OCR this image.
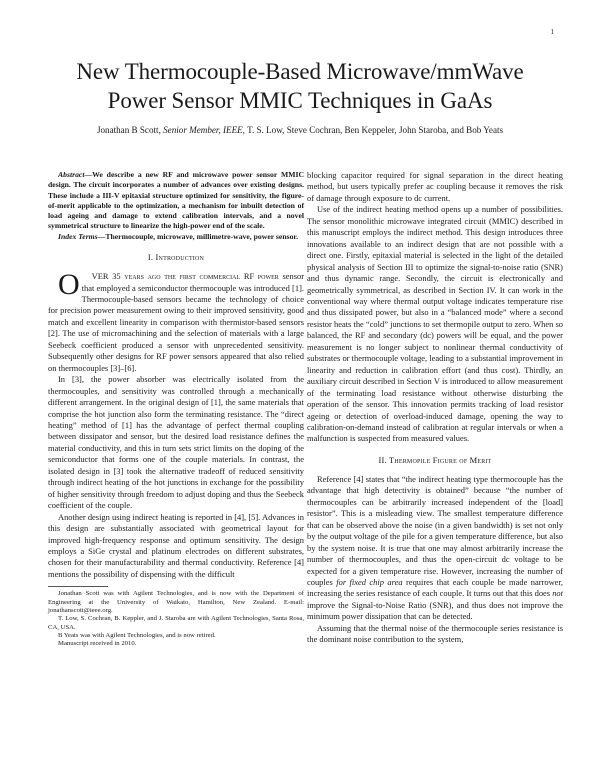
1
New Thermocouple-Based Microwave/mmWave
Power Sensor MMIC Techniques in GaAs
Jonathan B Scott, Senior Member, IEEE, T. S. Low, Steve Cochran, Ben Keppeler, John Staroba, and Bob Yeats

Abstract—We describe a new RF and microwave power sensor MMIC design. The circuit incorporates a number of advances over existing designs. These include a III-V epitaxial structure optimized for sensitivity, the figure-of-merit applicable to the optimization, a mechanism for inbuilt detection of load ageing and damage to extend calibration intervals, and a novel symmetrical structure to linearize the high-power end of the scale.

Index Terms—Thermocouple, microwave, millimetre-wave, power sensor.

I. Introduction

O VER 35 years ago the first commercial RF power sensor that employed a semiconductor thermocouple was introduced [1]. Thermocouple-based sensors became the technology of choice for precision power measurement owing to their improved sensitivity, good match and excellent linearity in comparison with thermistor-based sensors [2]. The use of micromachining and the selection of materials with a large Seebeck coefficient produced a sensor with unprecedented sensitivity. Subsequently other designs for RF power sensors appeared that also relied on thermocouples [3]–[6].

In [3], the power absorber was electrically isolated from the thermocouples, and sensitivity was controlled through a mechanically different arrangement. In the original design of [1], the same materials that comprise the hot junction also form the terminating resistance. The “direct heating” method of [1] has the advantage of perfect thermal coupling between dissipator and sensor, but the desired load resistance defines the material conductivity, and this in turn sets strict limits on the doping of the semiconductor that forms one of the couple materials. In contrast, the isolated design in [3] took the alternative tradeoff of reduced sensitivity through indirect heating of the hot junctions in exchange for the possibility of higher sensitivity through freedom to adjust doping and thus the Seebeck coefficient of the couple.

Another design using indirect heating is reported in [4], [5]. Advances in this design are substantially associated with geometrical layout for improved high-frequency response and optimum sensitivity. The design employs a SiGe crystal and platinum electrodes on different substrates, chosen for their manufacturability and thermal conductivity. Reference [4] mentions the possibility of dispensing with the difficult

Jonathan Scott was with Agilent Technologies, and is now with the Department of Engineering at the University of Waikato, Hamilton, New Zealand. E-mail: jonathanscott@ieee.org.

T. Low, S. Cochran, B. Keppler, and J. Staroba are with Agilent Technologies, Santa Rosa, CA, USA.

B Yeats was with Agilent Technologies, and is now retired.

Manuscript received in 2010.

blocking capacitor required for signal separation in the direct heating method, but users typically prefer ac coupling because it removes the risk of damage through exposure to dc current.

Use of the indirect heating method opens up a number of possibilities. The sensor monolithic microwave integrated circuit (MMIC) described in this manuscript employs the indirect method. This design introduces three innovations available to an indirect design that are not possible with a direct one. Firstly, epitaxial material is selected in the light of the detailed physical analysis of Section III to optimize the signal-to-noise ratio (SNR) and thus dynamic range. Secondly, the circuit is electronically and geometrically symmetrical, as described in Section IV. It can work in the conventional way where thermal output voltage indicates temperature rise and thus dissipated power, but also in a “balanced mode” where a second resistor heats the “cold” junctions to set thermopile output to zero. When so balanced, the RF and secondary (dc) powers will be equal, and the power measurement is no longer subject to nonlinear thermal conductivity of substrates or thermocouple voltage, leading to a substantial improvement in linearity and reduction in calibration effort (and thus cost). Thirdly, an auxiliary circuit described in Section V is introduced to allow measurement of the terminating load resistance without otherwise disturbing the operation of the sensor. This innovation permits tracking of load resistor ageing or detection of overload-induced damage, opening the way to calibration-on-demand instead of calibration at regular intervals or when a malfunction is suspected from measured values.

II. Thermopile Figure of Merit

Reference [4] states that “the indirect heating type thermocouple has the advantage that high detectivity is obtained” because “the number of thermocouples can be arbitrarily increased independent of the [load] resistor”. This is a misleading view. The smallest temperature difference that can be observed above the noise (in a given bandwidth) is set not only by the output voltage of the pile for a given temperature difference, but also by the system noise. It is true that one may almost arbitrarily increase the number of thermocouples, and thus the open-circuit dc voltage to be expected for a given temperature rise. However, increasing the number of couples for fixed chip area requires that each couple be made narrower, increasing the series resistance of each couple. It turns out that this does not improve the Signal-to-Noise Ratio (SNR), and thus does not improve the minimum power dissipation that can be detected.

Assuming that the thermal noise of the thermocouple series resistance is the dominant noise contribution to the system,
